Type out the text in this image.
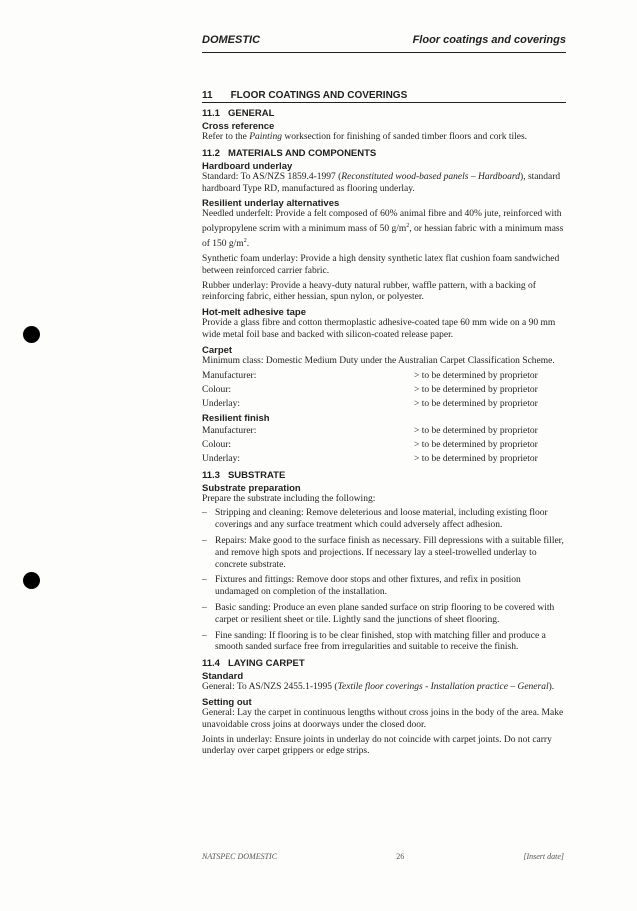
DOMESTIC	Floor coatings and coverings
11 FLOOR COATINGS AND COVERINGS
11.1 GENERAL
Cross reference

Refer to the Painting worksection for finishing of sanded timber floors and cork tiles.

11.2 MATERIALS AND COMPONENTS
Hardboard underlay

Standard: To AS/NZS 1859.4-1997 (Reconstituted wood-based panels – Hardboard), standard hardboard Type RD, manufactured as flooring underlay.

Resilient underlay alternatives

Needled underfelt: Provide a felt composed of 60% animal fibre and 40% jute, reinforced with polypropylene scrim with a minimum mass of 50 $g/m^2$, or hessian fabric with a minimum mass of 150 $g/m^2$.

Synthetic foam underlay: Provide a high density synthetic latex flat cushion foam sandwiched between reinforced carrier fabric.

Rubber underlay: Provide a heavy-duty natural rubber, waffle pattern, with a backing of reinforcing fabric, either hessian, spun nylon, or polyester.

Hot-melt adhesive tape

Provide a glass fibre and cotton thermoplastic adhesive-coated tape 60 mm wide on a 90 mm wide metal foil base and backed with silicon-coated release paper.

Carpet

Minimum class: Domestic Medium Duty under the Australian Carpet Classification Scheme.

Manufacturer:	> to be determined by proprietor
Colour:	> to be determined by proprietor
Underlay:	> to be determined by proprietor
Resilient finish
Manufacturer:	> to be determined by proprietor
Colour:	> to be determined by proprietor
Underlay:	> to be determined by proprietor
11.3 SUBSTRATE
Substrate preparation

Prepare the substrate including the following:

– Stripping and cleaning: Remove deleterious and loose material, including existing floor coverings and any surface treatment which could adversely affect adhesion.
– Repairs: Make good to the surface finish as necessary. Fill depressions with a suitable filler, and remove high spots and projections. If necessary lay a steel-trowelled underlay to concrete substrate.
– Fixtures and fittings: Remove door stops and other fixtures, and refix in position undamaged on completion of the installation.
– Basic sanding: Produce an even plane sanded surface on strip flooring to be covered with carpet or resilient sheet or tile. Lightly sand the junctions of sheet flooring.
– Fine sanding: If flooring is to be clear finished, stop with matching filler and produce a smooth sanded surface free from irregularities and suitable to receive the finish.
11.4 LAYING CARPET
Standard

General: To AS/NZS 2455.1-1995 (Textile floor coverings - Installation practice – General).

Setting out

General: Lay the carpet in continuous lengths without cross joins in the body of the area. Make unavoidable cross joins at doorways under the closed door.

Joints in underlay: Ensure joints in underlay do not coincide with carpet joints. Do not carry underlay over carpet grippers or edge strips.

NATSPEC DOMESTIC	26	[Insert date]
